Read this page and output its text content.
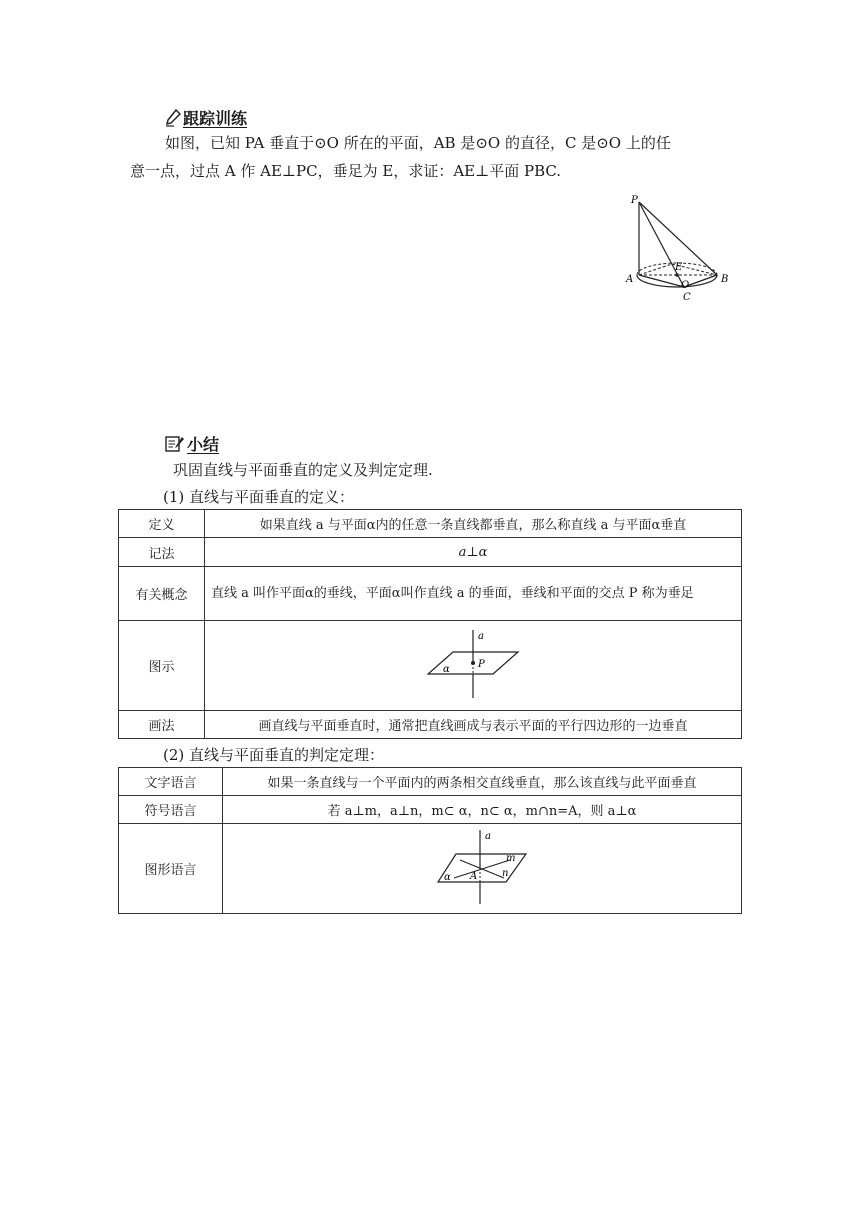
跟踪训练
如图，已知 PA 垂直于⊙O 所在的平面，AB 是⊙O 的直径，C 是⊙O 上的任
意一点，过点 A 作 AE⊥PC，垂足为 E，求证：AE⊥平面 PBC.
P
A	B
C
E
O
小结
巩固直线与平面垂直的定义及判定定理.
(1) 直线与平面垂直的定义：
定义	如果直线 a 与平面α内的任意一条直线都垂直，那么称直线 a 与平面α垂直
记法	a⊥α
有关概念	直线 a 叫作平面α的垂线，平面α叫作直线 a 的垂面，垂线和平面的交点 P 称为垂足
图示	a
P
α

画法	画直线与平面垂直时，通常把直线画成与表示平面的平行四边形的一边垂直
(2) 直线与平面垂直的判定定理：
文字语言	如果一条直线与一个平面内的两条相交直线垂直，那么该直线与此平面垂直
符号语言	若 a⊥m，a⊥n，m⊂ α，n⊂ α，m∩n=A，则 a⊥α
图形语言	a
m
n
A
α
